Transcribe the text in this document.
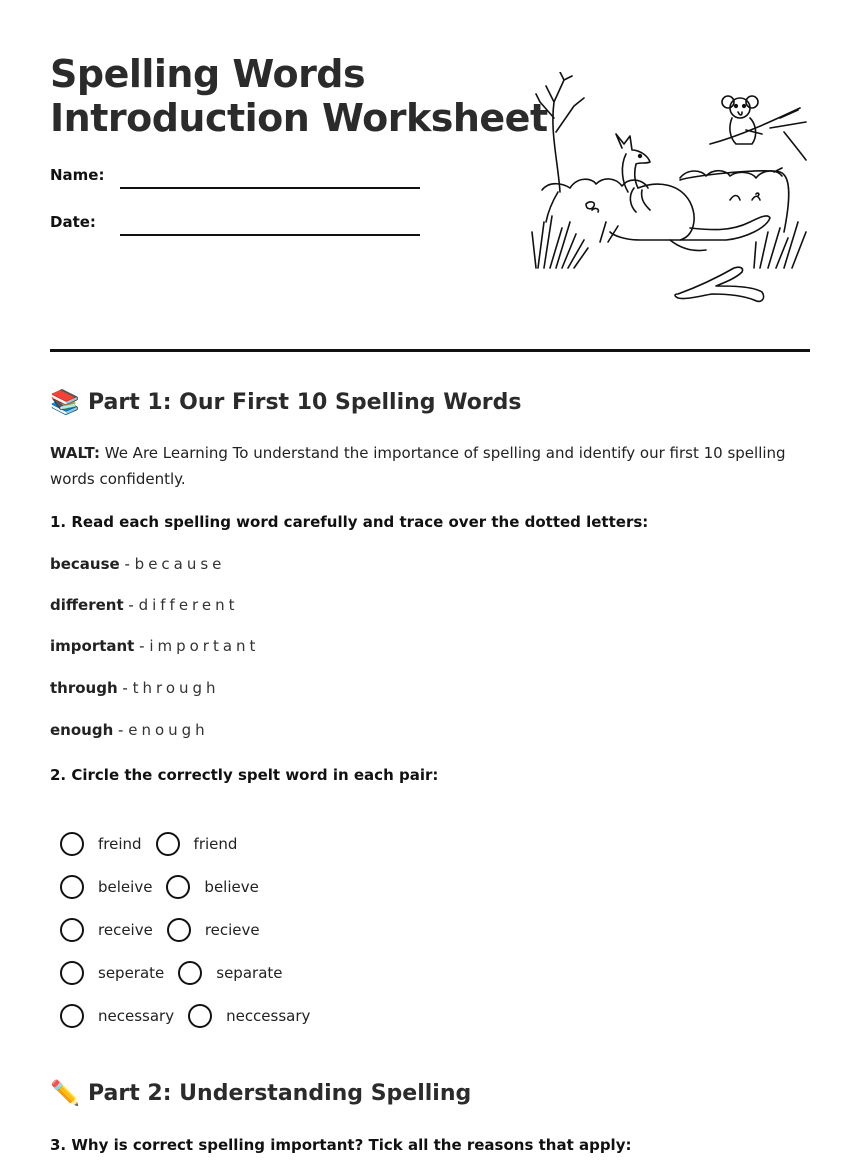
Spelling Words
Introduction Worksheet
Name:
Date:
📚 Part 1: Our First 10 Spelling Words
WALT: We Are Learning To understand the importance of spelling and identify our first 10 spelling words confidently.
1. Read each spelling word carefully and trace over the dotted letters:
because - because
different - different
important - important
through - through
enough - enough
2. Circle the correctly spelt word in each pair:
freind	friend
beleive	believe
receive	recieve
seperate	separate
necessary	neccessary
✏️ Part 2: Understanding Spelling
3. Why is correct spelling important? Tick all the reasons that apply:
